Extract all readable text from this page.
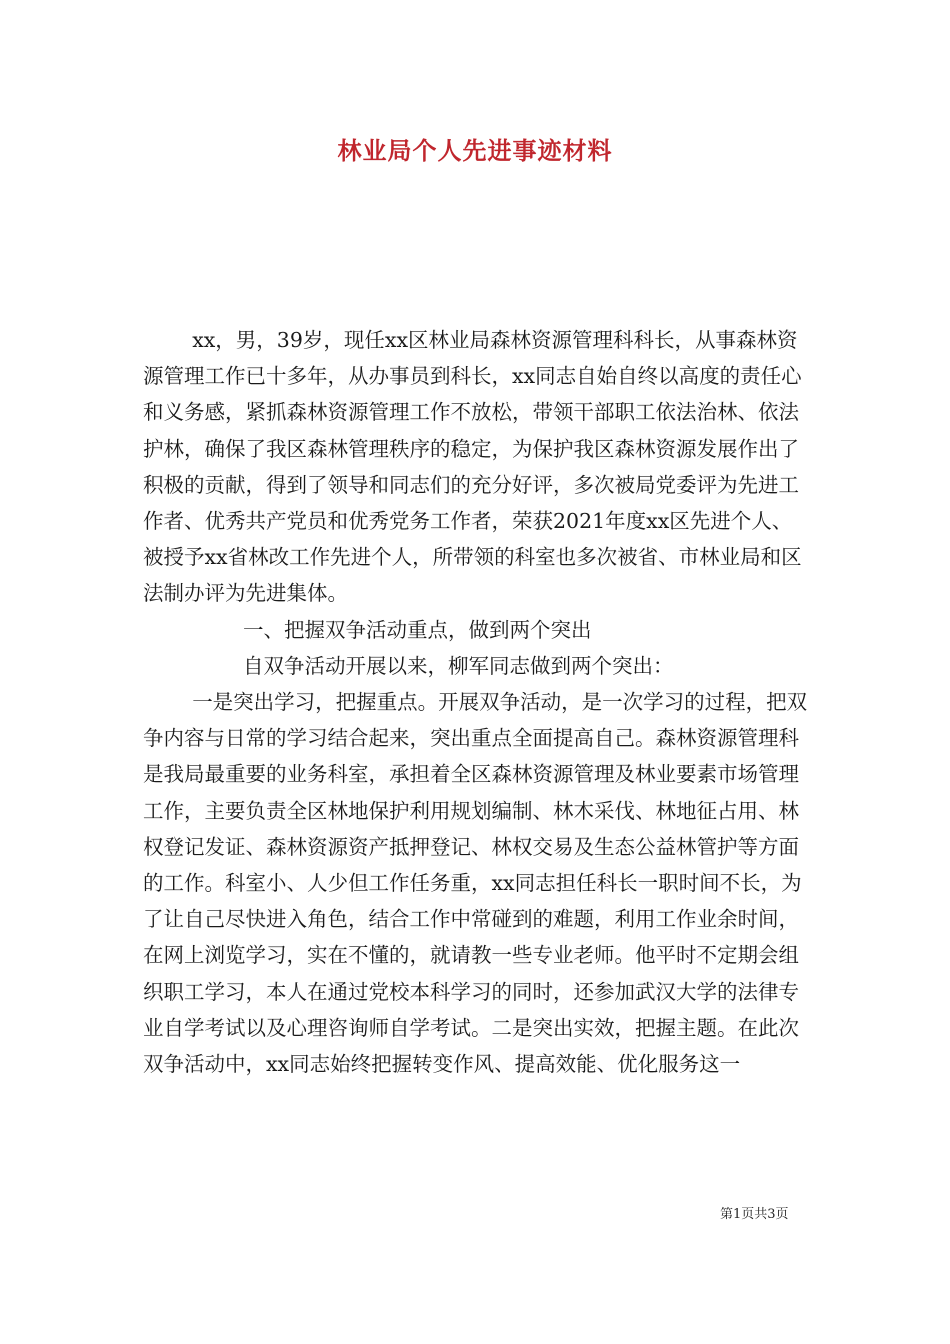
林业局个人先进事迹材料

xx，男，39岁，现任xx区林业局森林资源管理科科长，从事森林资源管理工作已十多年，从办事员到科长，xx同志自始自终以高度的责任心和义务感，紧抓森林资源管理工作不放松，带领干部职工依法治林、依法护林，确保了我区森林管理秩序的稳定，为保护我区森林资源发展作出了积极的贡献，得到了领导和同志们的充分好评，多次被局党委评为先进工作者、优秀共产党员和优秀党务工作者，荣获2021年度xx区先进个人、被授予xx省林改工作先进个人，所带领的科室也多次被省、市林业局和区法制办评为先进集体。

一、把握双争活动重点，做到两个突出

自双争活动开展以来，柳军同志做到两个突出：

一是突出学习，把握重点。开展双争活动，是一次学习的过程，把双争内容与日常的学习结合起来，突出重点全面提高自己。森林资源管理科是我局最重要的业务科室，承担着全区森林资源管理及林业要素市场管理工作，主要负责全区林地保护利用规划编制、林木采伐、林地征占用、林权登记发证、森林资源资产抵押登记、林权交易及生态公益林管护等方面的工作。科室小、人少但工作任务重，xx同志担任科长一职时间不长，为了让自己尽快进入角色，结合工作中常碰到的难题，利用工作业余时间，在网上浏览学习，实在不懂的，就请教一些专业老师。他平时不定期会组织职工学习，本人在通过党校本科学习的同时，还参加武汉大学的法律专业自学考试以及心理咨询师自学考试。二是突出实效，把握主题。在此次双争活动中，xx同志始终把握转变作风、提高效能、优化服务这一

第1页共3页
